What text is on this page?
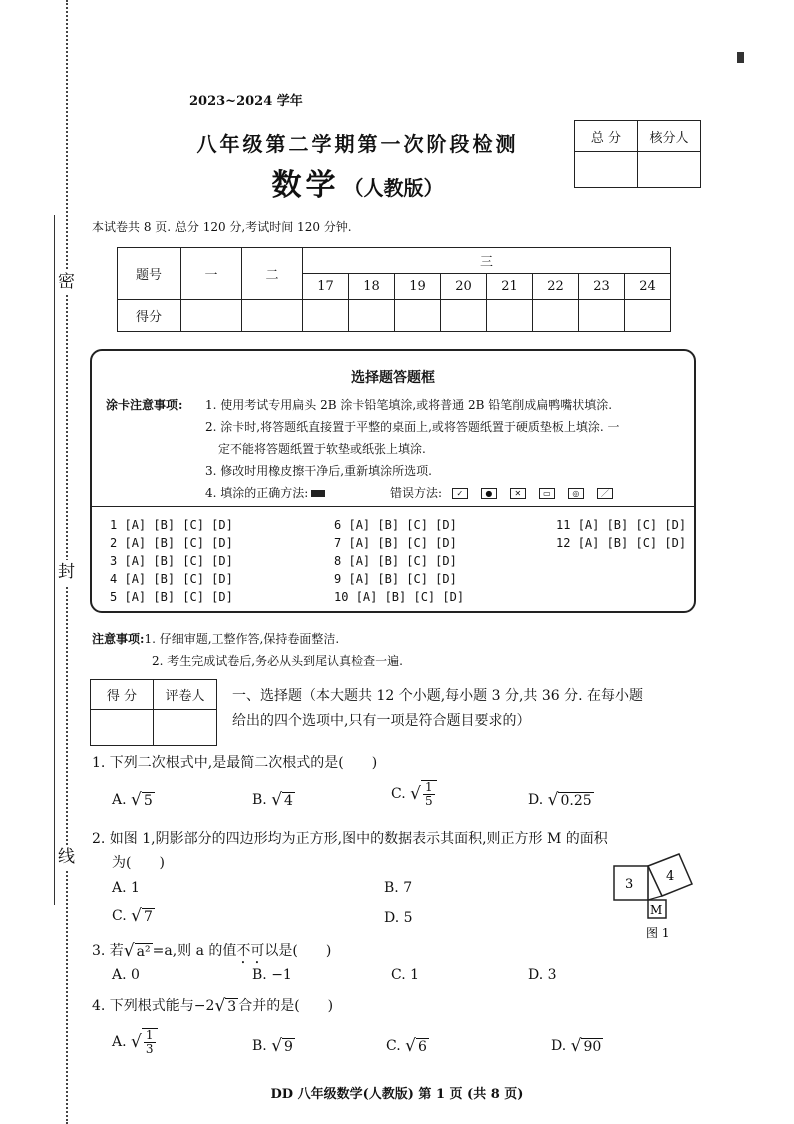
密
封
线
2023~2024 学年
八年级第二学期第一次阶段检测
数学 （人教版）
总 分	核分人

本试卷共 8 页. 总分 120 分,考试时间 120 分钟.
题号	一	二	三							
			17	18	19	20	21	22	23	24
得分										
选择题答题框
涂卡注意事项: 1. 使用考试专用扁头 2B 涂卡铅笔填涂,或将普通 2B 铅笔削成扁鸭嘴状填涂.
2. 涂卡时,将答题纸直接置于平整的桌面上,或将答题纸置于硬质垫板上填涂. 一
定不能将答题纸置于软垫或纸张上填涂.
3. 修改时用橡皮擦干净后,重新填涂所选项.
4. 填涂的正确方法:	错误方法: ✓	●	✕	▭	◎	／
1 [A] [B] [C] [D]
2 [A] [B] [C] [D]
3 [A] [B] [C] [D]
4 [A] [B] [C] [D]
5 [A] [B] [C] [D]
6 [A] [B] [C] [D]
7 [A] [B] [C] [D]
8 [A] [B] [C] [D]
9 [A] [B] [C] [D]
10 [A] [B] [C] [D]
11 [A] [B] [C] [D]
12 [A] [B] [C] [D]
注意事项:1. 仔细审题,工整作答,保持卷面整洁.
2. 考生完成试卷后,务必从头到尾认真检查一遍.
得 分	评卷人
	一、选择题（本大题共 12 个小题,每小题 3 分,共 36 分. 在每小题
给出的四个选项中,只有一项是符合题目要求的）
1. 下列二次根式中,是最简二次根式的是(　　)
A. √ 5	B. √ 4	C. √ $\frac{1}{5}$	D. √ 0.25
2. 如图 1,阴影部分的四边形均为正方形,图中的数据表示其面积,则正方形 M 的面积
为(　　)
A. 1	B. 7
C. √ 7	D. 5
3
4
M
图 1
3. 若√ a² =a,则 a 的值不可以是(　　)
A. 0	B. −1	C. 1	D. 3
4. 下列根式能与−2√ 3 合并的是(　　)
A. √ $\frac{1}{3}$	B. √ 9	C. √ 6	D. √ 90
DD 八年级数学(人教版) 第 1 页 (共 8 页)
